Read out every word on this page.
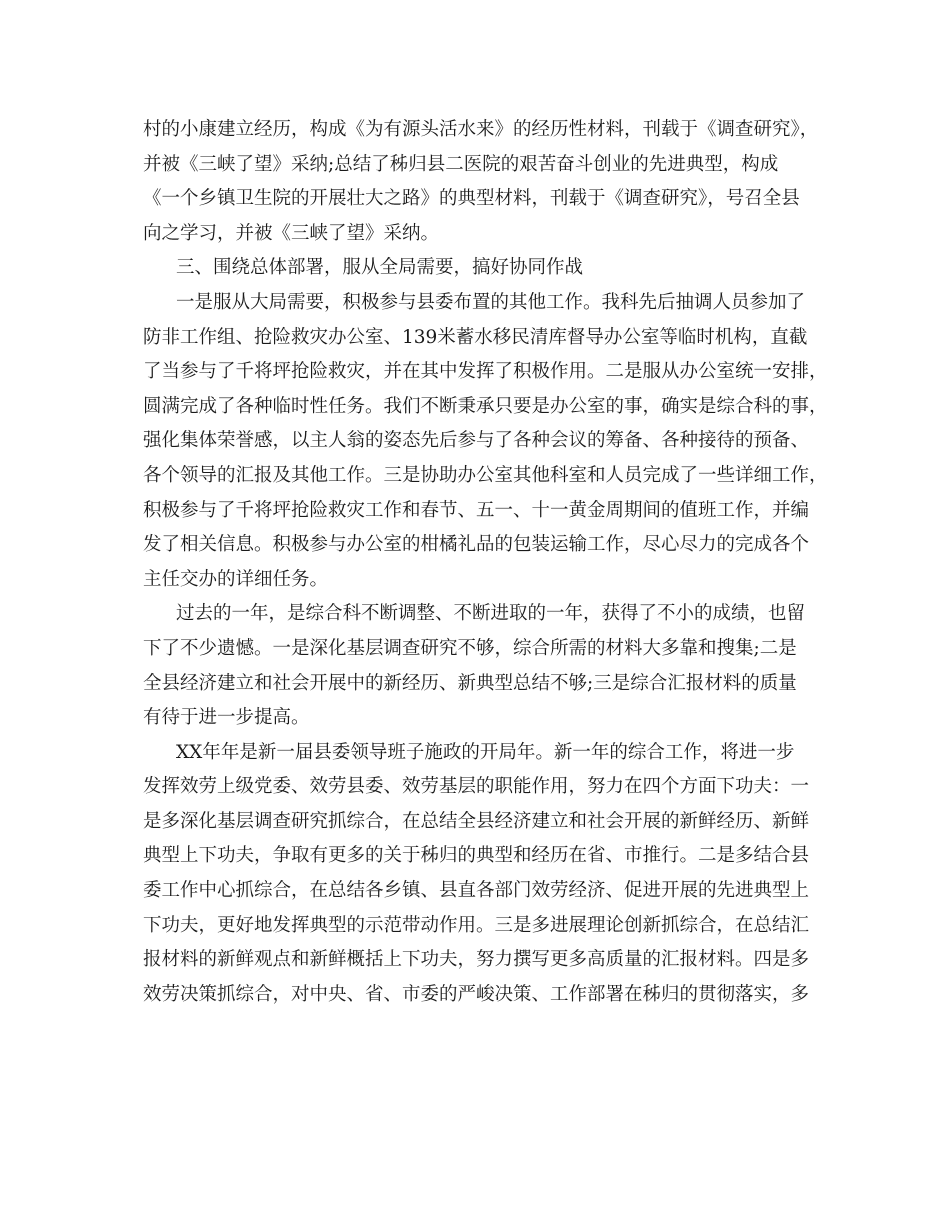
村的小康建立经历，构成《为有源头活水来》的经历性材料，刊载于《调查研究》，
并被《三峡了望》采纳;总结了秭归县二医院的艰苦奋斗创业的先进典型，构成
《一个乡镇卫生院的开展壮大之路》的典型材料，刊载于《调查研究》，号召全县
向之学习，并被《三峡了望》采纳。
三、围绕总体部署，服从全局需要，搞好协同作战
一是服从大局需要，积极参与县委布置的其他工作。我科先后抽调人员参加了
防非工作组、抢险救灾办公室、139米蓄水移民清库督导办公室等临时机构，直截
了当参与了千将坪抢险救灾，并在其中发挥了积极作用。二是服从办公室统一安排，
圆满完成了各种临时性任务。我们不断秉承只要是办公室的事，确实是综合科的事，
强化集体荣誉感，以主人翁的姿态先后参与了各种会议的筹备、各种接待的预备、
各个领导的汇报及其他工作。三是协助办公室其他科室和人员完成了一些详细工作，
积极参与了千将坪抢险救灾工作和春节、五一、十一黄金周期间的值班工作，并编
发了相关信息。积极参与办公室的柑橘礼品的包装运输工作，尽心尽力的完成各个
主任交办的详细任务。
过去的一年，是综合科不断调整、不断进取的一年，获得了不小的成绩，也留
下了不少遗憾。一是深化基层调查研究不够，综合所需的材料大多靠和搜集;二是
全县经济建立和社会开展中的新经历、新典型总结不够;三是综合汇报材料的质量
有待于进一步提高。
XX年年是新一届县委领导班子施政的开局年。新一年的综合工作，将进一步
发挥效劳上级党委、效劳县委、效劳基层的职能作用，努力在四个方面下功夫：一
是多深化基层调查研究抓综合，在总结全县经济建立和社会开展的新鲜经历、新鲜
典型上下功夫，争取有更多的关于秭归的典型和经历在省、市推行。二是多结合县
委工作中心抓综合，在总结各乡镇、县直各部门效劳经济、促进开展的先进典型上
下功夫，更好地发挥典型的示范带动作用。三是多进展理论创新抓综合，在总结汇
报材料的新鲜观点和新鲜概括上下功夫，努力撰写更多高质量的汇报材料。四是多
效劳决策抓综合，对中央、省、市委的严峻决策、工作部署在秭归的贯彻落实，多
